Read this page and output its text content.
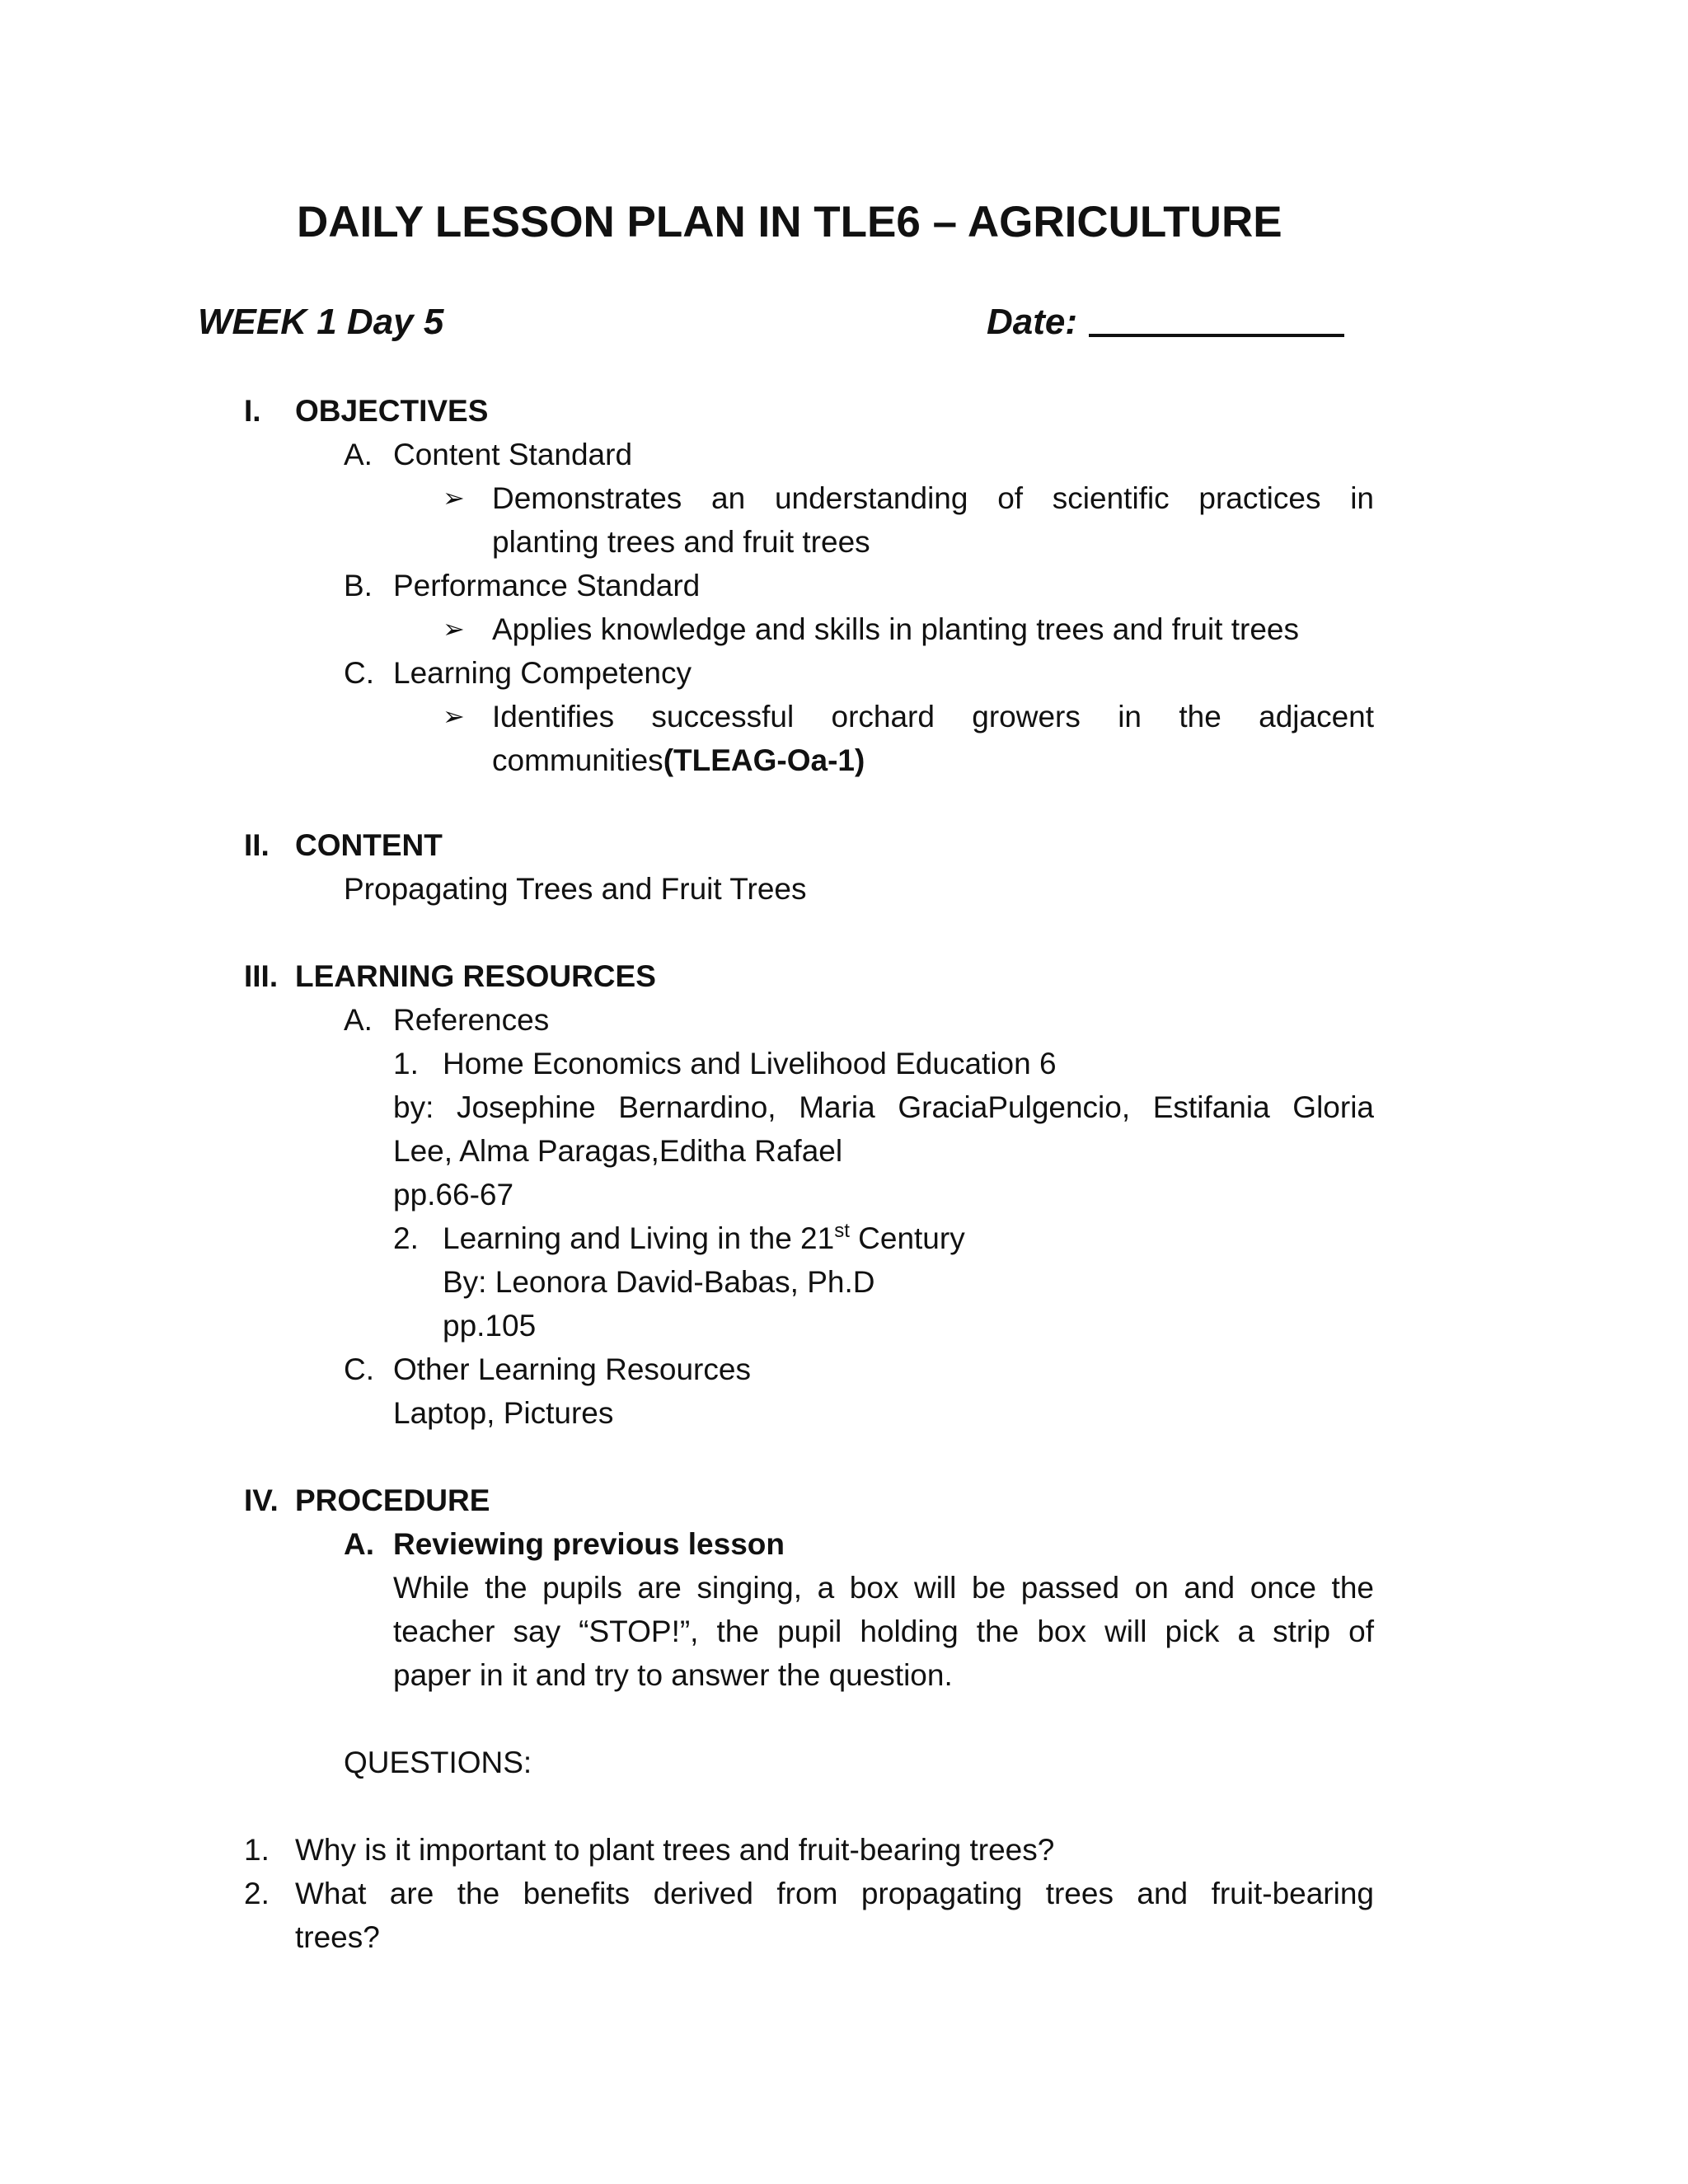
DAILY LESSON PLAN IN TLE6 – AGRICULTURE
WEEK 1 Day 5	Date:
I. OBJECTIVES
A. Content Standard
➢ Demonstrates an understanding of scientific practices in
planting trees and fruit trees
B. Performance Standard
➢ Applies knowledge and skills in planting trees and fruit trees
C. Learning Competency
➢ Identifies successful orchard growers in the adjacent
communities(TLEAG-Oa-1)
II. CONTENT
Propagating Trees and Fruit Trees
III. LEARNING RESOURCES
A. References
1. Home Economics and Livelihood Education 6
by: Josephine Bernardino, Maria GraciaPulgencio, Estifania Gloria
Lee, Alma Paragas,Editha Rafael
pp.66-67
2. Learning and Living in the 21st Century
By: Leonora David-Babas, Ph.D
pp.105
C. Other Learning Resources
Laptop, Pictures
IV. PROCEDURE
A. Reviewing previous lesson
While the pupils are singing, a box will be passed on and once the
teacher say “STOP!”, the pupil holding the box will pick a strip of
paper in it and try to answer the question.
QUESTIONS:
1. Why is it important to plant trees and fruit-bearing trees?
2. What are the benefits derived from propagating trees and fruit-bearing
trees?
